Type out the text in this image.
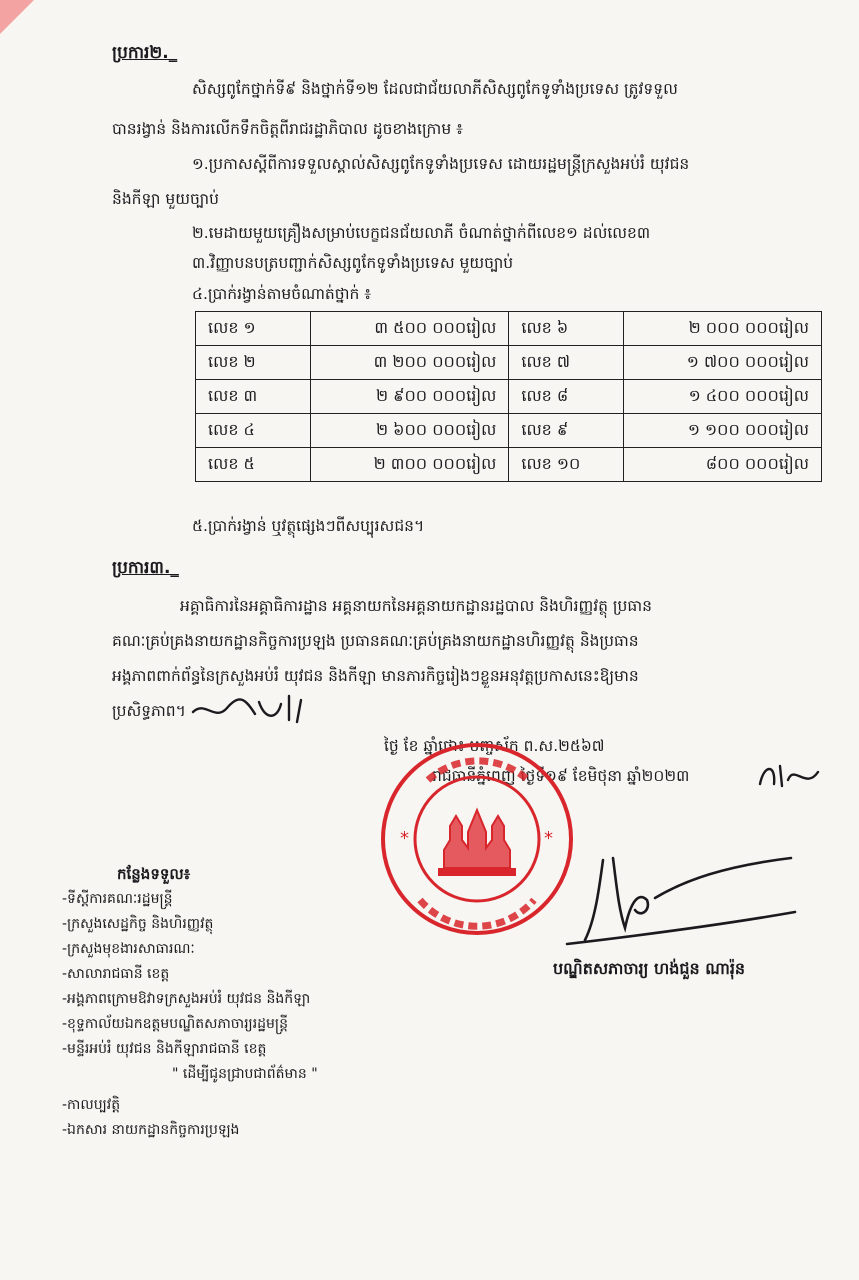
ប្រការ២._
សិស្សពូកែថ្នាក់ទី៩ និងថ្នាក់ទី១២ ដែលជាជ័យលាភីសិស្សពូកែទូទាំងប្រទេស ត្រូវទទួល
បានរង្វាន់ និងការលើកទឹកចិត្តពីរាជរដ្ឋាភិបាល ដូចខាងក្រោម ៖
១.ប្រកាសស្ដីពីការទទួលស្គាល់សិស្សពូកែទូទាំងប្រទេស ដោយរដ្ឋមន្ត្រីក្រសួងអប់រំ យុវជន
និងកីឡា មួយច្បាប់
២.មេដាយមួយគ្រឿងសម្រាប់បេក្ខជនជ័យលាភី ចំណាត់ថ្នាក់ពីលេខ១ ដល់លេខ៣
៣.វិញ្ញាបនបត្របញ្ជាក់សិស្សពូកែទូទាំងប្រទេស មួយច្បាប់
៤.ប្រាក់រង្វាន់តាមចំណាត់ថ្នាក់ ៖
លេខ ១	៣ ៥០០ ០០០រៀល	លេខ ៦	២ ០០០ ០០០រៀល
លេខ ២	៣ ២០០ ០០០រៀល	លេខ ៧	១ ៧០០ ០០០រៀល
លេខ ៣	២ ៩០០ ០០០រៀល	លេខ ៨	១ ៤០០ ០០០រៀល
លេខ ៤	២ ៦០០ ០០០រៀល	លេខ ៩	១ ១០០ ០០០រៀល
លេខ ៥	២ ៣០០ ០០០រៀល	លេខ ១០	៨០០ ០០០រៀល
៥.ប្រាក់រង្វាន់ ឬវត្ថុផ្សេងៗពីសប្បុរសជន។
ប្រការ៣._
អគ្គាធិការនៃអគ្គាធិការដ្ឋាន អគ្គនាយកនៃអគ្គនាយកដ្ឋានរដ្ឋបាល និងហិរញ្ញវត្ថុ ប្រធាន
គណៈគ្រប់គ្រងនាយកដ្ឋានកិច្ចការប្រឡង ប្រធានគណៈគ្រប់គ្រងនាយកដ្ឋានហិរញ្ញវត្ថុ និងប្រធាន
អង្គភាពពាក់ព័ន្ធនៃក្រសួងអប់រំ យុវជន និងកីឡា មានភារកិច្ចរៀងៗខ្លួនអនុវត្តប្រកាសនេះឱ្យមាន
ប្រសិទ្ធភាព។
ថ្ងៃ ខែ ឆ្នាំថោះ បញ្ចស័ក ព.ស.២៥៦៧
រាជធានីភ្នំពេញ ថ្ងៃទី១៩ ខែមិថុនា ឆ្នាំ២០២៣
*	*
បណ្ឌិតសភាចារ្យ ហង់ជួន ណារ៉ុន
កន្លែងទទួល៖
-ទីស្ដីការគណៈរដ្ឋមន្ត្រី
-ក្រសួងសេដ្ឋកិច្ច និងហិរញ្ញវត្ថុ
-ក្រសួងមុខងារសាធារណៈ
-សាលារាជធានី ខេត្ត
-អង្គភាពក្រោមឱវាទក្រសួងអប់រំ យុវជន និងកីឡា
-ខុទ្ទកាល័យឯកឧត្តមបណ្ឌិតសភាចារ្យរដ្ឋមន្ត្រី
-មន្ទីរអប់រំ យុវជន និងកីឡារាជធានី ខេត្ត
" ដើម្បីជូនជ្រាបជាព័ត៌មាន "
-កាលប្បវត្តិ
-ឯកសារ នាយកដ្ឋានកិច្ចការប្រឡង
